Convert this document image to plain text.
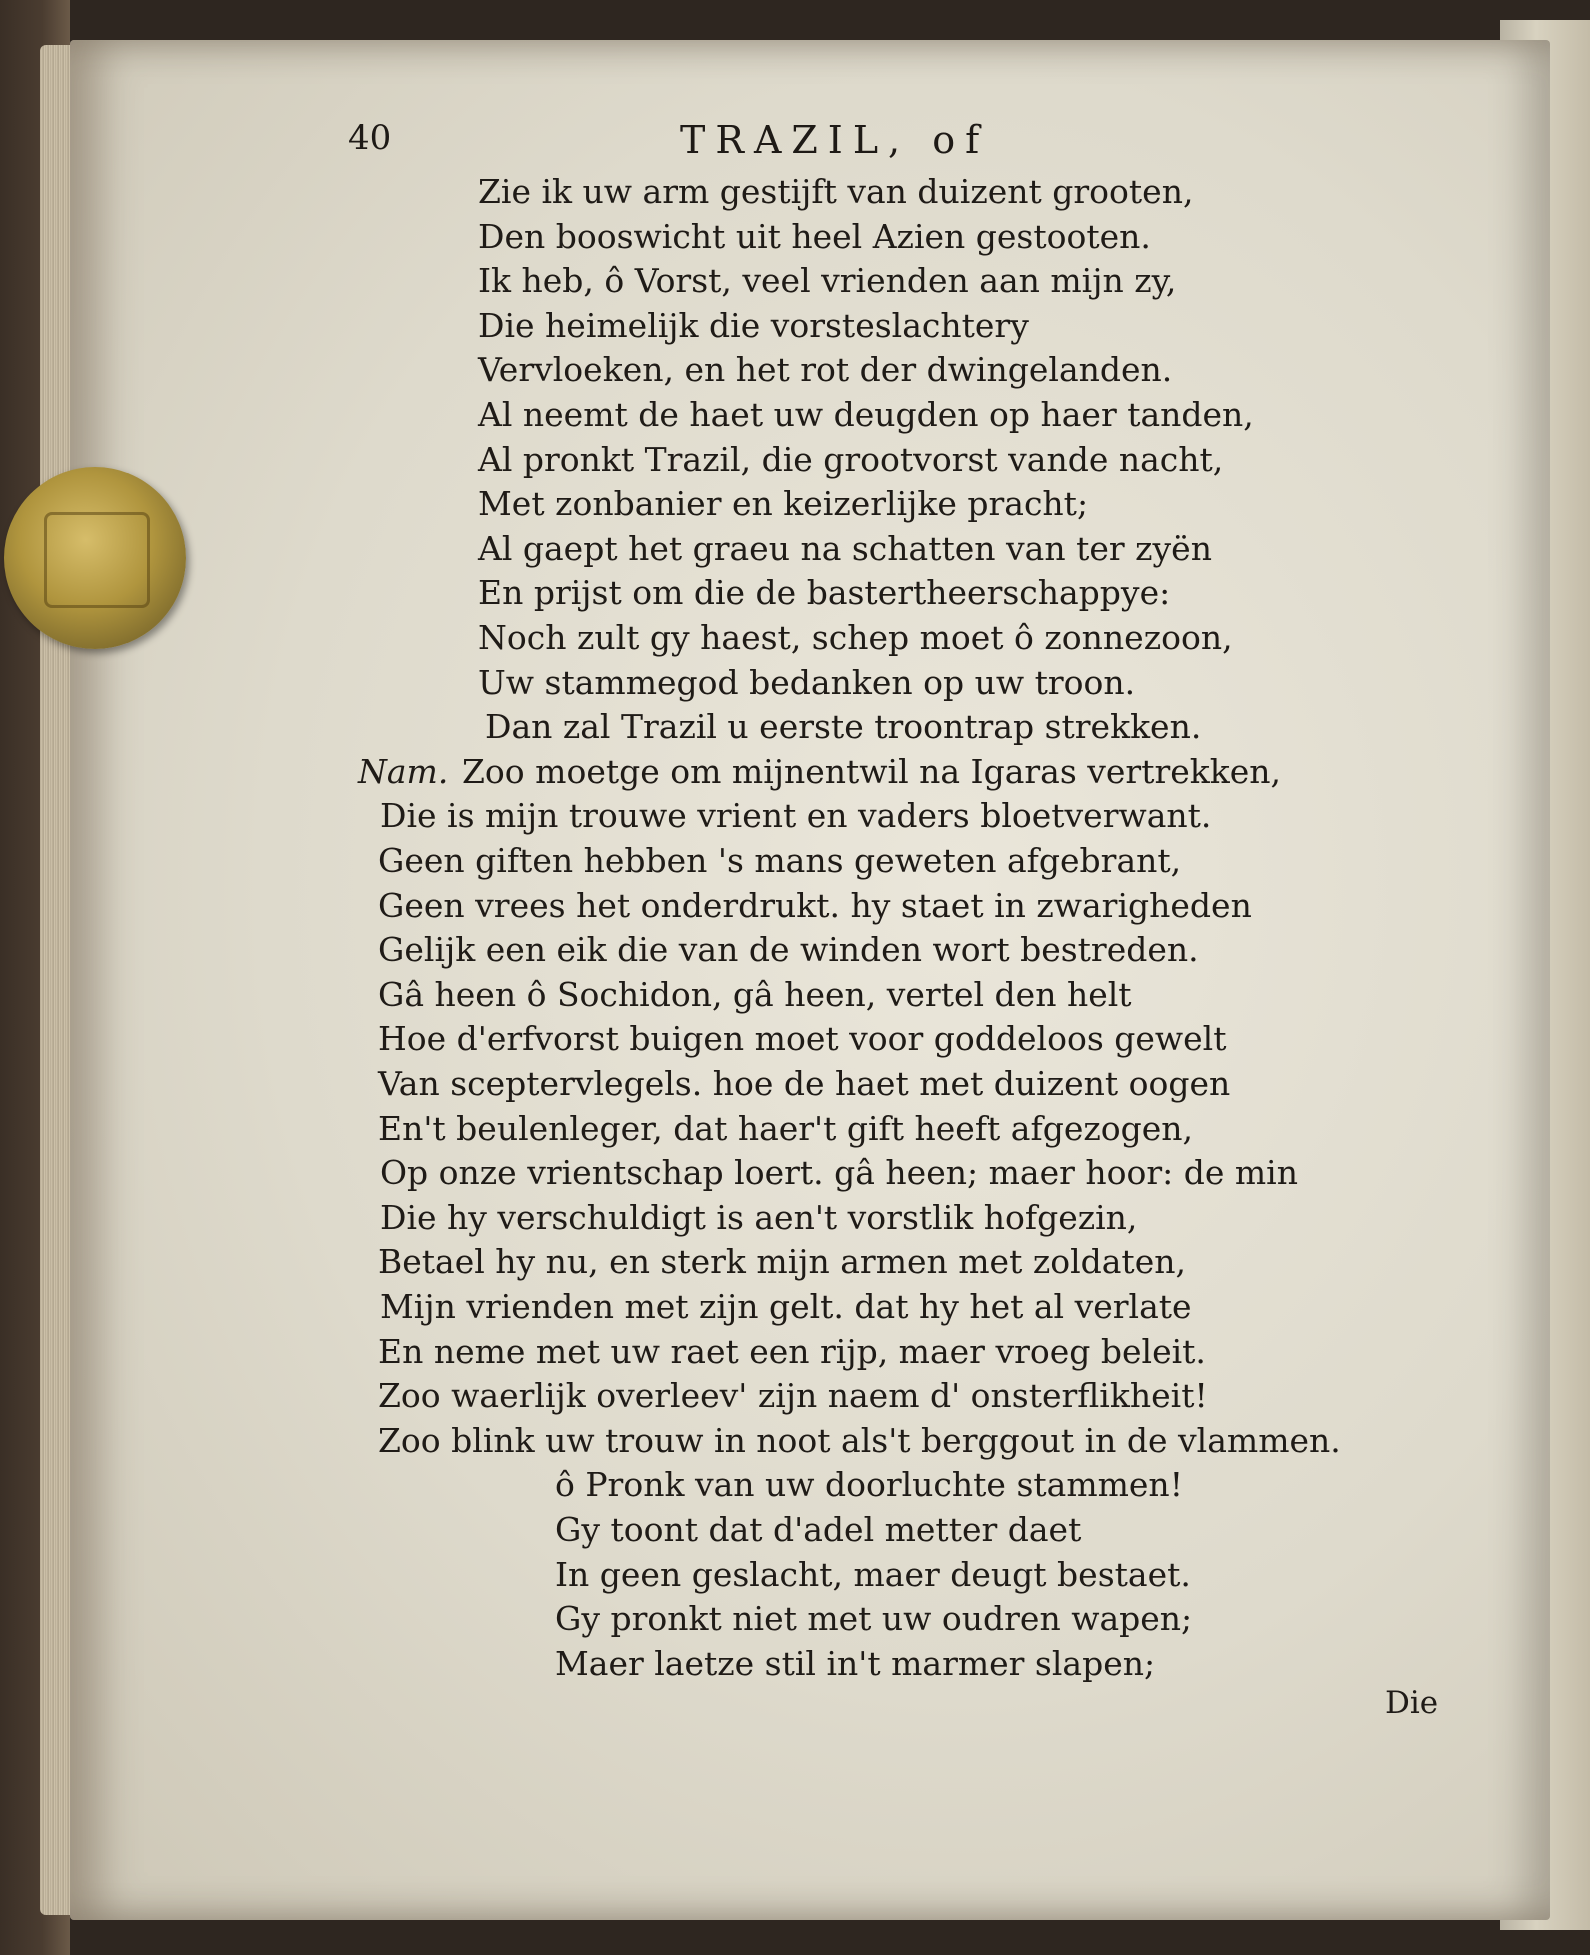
40	TRAZIL, of
Zie ik uw arm gestijft van duizent grooten,
Den booswicht uit heel Azien gestooten.
Ik heb, ô Vorst, veel vrienden aan mijn zy,
Die heimelijk die vorsteslachtery
Vervloeken, en het rot der dwingelanden.
Al neemt de haet uw deugden op haer tanden,
Al pronkt Trazil, die grootvorst vande nacht,
Met zonbanier en keizerlijke pracht;
Al gaept het graeu na schatten van ter zyën
En prijst om die de bastertheerschappye:
Noch zult gy haest, schep moet ô zonnezoon,
Uw stammegod bedanken op uw troon.
Dan zal Trazil u eerste troontrap strekken.
Nam. Zoo moetge om mijnentwil na Igaras vertrekken,
Die is mijn trouwe vrient en vaders bloetverwant.
Geen giften hebben 's mans geweten afgebrant,
Geen vrees het onderdrukt. hy staet in zwarigheden
Gelijk een eik die van de winden wort bestreden.
Gâ heen ô Sochidon, gâ heen, vertel den helt
Hoe d'erfvorst buigen moet voor goddeloos gewelt
Van sceptervlegels. hoe de haet met duizent oogen
En't beulenleger, dat haer't gift heeft afgezogen,
Op onze vrientschap loert. gâ heen; maer hoor: de min
Die hy verschuldigt is aen't vorstlik hofgezin,
Betael hy nu, en sterk mijn armen met zoldaten,
Mijn vrienden met zijn gelt. dat hy het al verlate
En neme met uw raet een rijp, maer vroeg beleit.
Zoo waerlijk overleev' zijn naem d' onsterflikheit!
Zoo blink uw trouw in noot als't berggout in de vlammen.
ô Pronk van uw doorluchte stammen!
Gy toont dat d'adel metter daet
In geen geslacht, maer deugt bestaet.
Gy pronkt niet met uw oudren wapen;
Maer laetze stil in't marmer slapen;
Die
